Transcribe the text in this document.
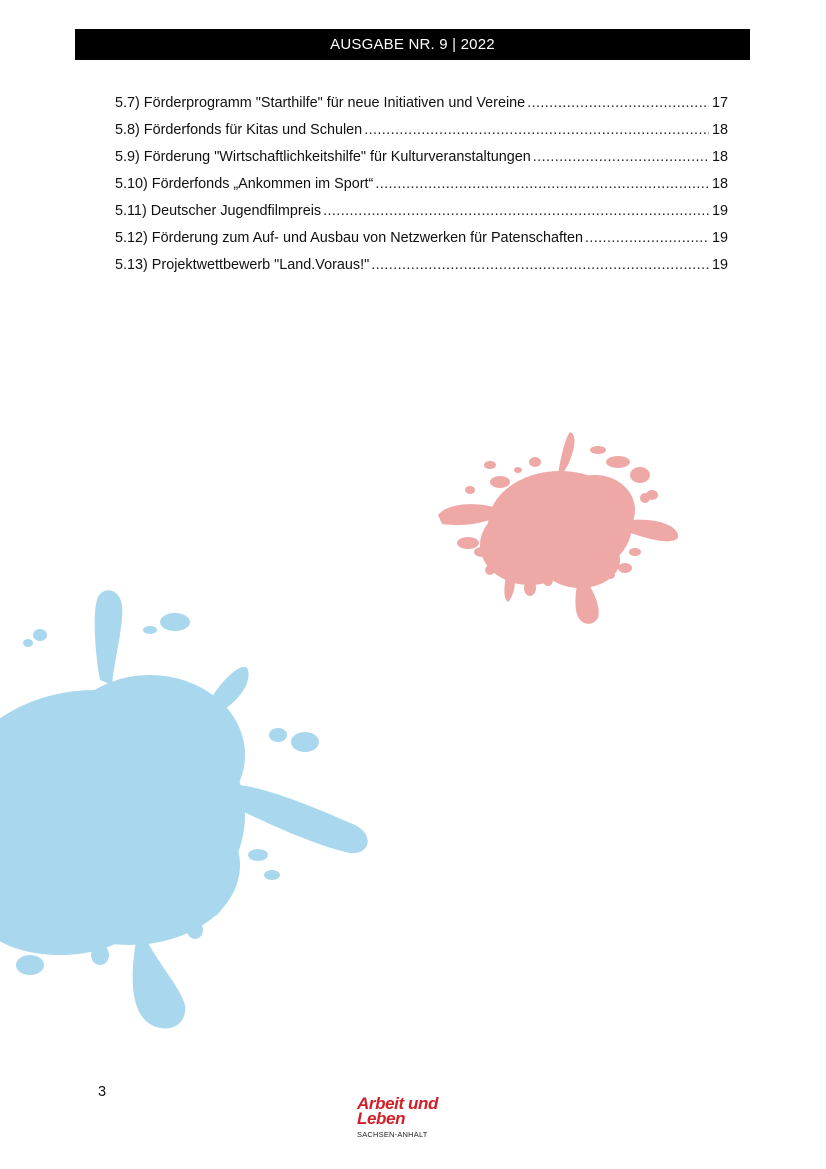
AUSGABE NR. 9 | 2022
5.7) Förderprogramm "Starthilfe" für neue Initiativen und Vereine .....	17
5.8) Förderfonds für Kitas und Schulen .....	18
5.9) Förderung "Wirtschaftlichkeitshilfe" für Kulturveranstaltungen .....	18
5.10) Förderfonds „Ankommen im Sport“ .....	18
5.11) Deutscher Jugendfilmpreis .....	19
5.12) Förderung zum Auf- und Ausbau von Netzwerken für Patenschaften .....	19
5.13) Projektwettbewerb "Land.Voraus!" .....	19
3
Arbeit und
Leben
SACHSEN-ANHALT
